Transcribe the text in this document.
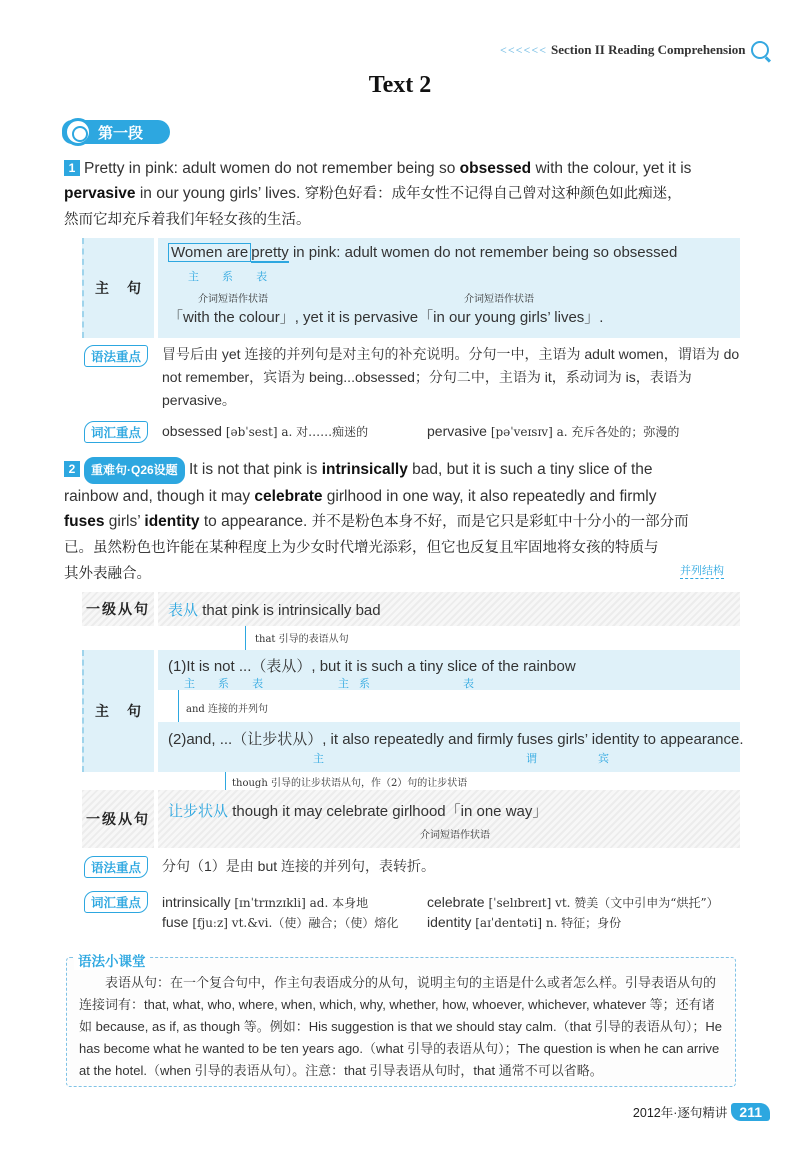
<<<<<< Section II Reading Comprehension
Text 2
第一段
1 Pretty in pink: adult women do not remember being so obsessed with the colour, yet it is
pervasive in our young girls’ lives. 穿粉色好看：成年女性不记得自己曾对这种颜色如此痴迷，
然而它却充斥着我们年轻女孩的生活。
主　句
Women are pretty in pink: adult women do not remember being so obsessed
主 系 表
介词短语作状语	介词短语作状语
「with the colour」, yet it is pervasive「in our young girls’ lives」.
语法重点	冒号后由 yet 连接的并列句是对主句的补充说明。分句一中，主语为 adult women，谓语为 do not remember，宾语为 being...obsessed；分句二中，主语为 it，系动词为 is，表语为 pervasive。
词汇重点	obsessed [əbˈsest] a. 对……痴迷的	pervasive [pəˈveɪsɪv] a. 充斥各处的；弥漫的
2 重难句·Q26设题 It is not that pink is intrinsically bad, but it is such a tiny slice of the
rainbow and, though it may celebrate girlhood in one way, it also repeatedly and firmly
fuses girls’ identity to appearance. 并不是粉色本身不好，而是它只是彩虹中十分小的一部分而
已。虽然粉色也许能在某种程度上为少女时代增光添彩，但它也反复且牢固地将女孩的特质与
其外表融合。	并列结构
一级从句 表从 that pink is intrinsically bad
that 引导的表语从句
主　句
(1)It is not ...（表从）, but it is such a tiny slice of the rainbow
主 系 表	主系	表
and 连接的并列句
(2)and, ...（让步状从）, it also repeatedly and firmly fuses girls’ identity to appearance.
主	谓	宾
though 引导的让步状语从句，作（2）句的让步状语
一级从句 让步状从 though it may celebrate girlhood「in one way」
介词短语作状语
语法重点	分句（1）是由 but 连接的并列句，表转折。
词汇重点	intrinsically [ɪnˈtrɪnzɪkli] ad. 本身地	celebrate [ˈselɪbreɪt] vt. 赞美（文中引申为“烘托”）
fuse [fjuːz] vt.&vi.（使）融合；（使）熔化 identity [aɪˈdentəti] n. 特征；身份
表语从句：在一个复合句中，作主句表语成分的从句，说明主句的主语是什么或者怎么样。引导表语从句的连接词有：that, what, who, where, when, which, why, whether, how, whoever, whichever, whatever 等；还有诸如 because, as if, as though 等。例如：His suggestion is that we should stay calm.（that 引导的表语从句）；He has become what he wanted to be ten years ago.（what 引导的表语从句）；The question is when he can arrive at the hotel.（when 引导的表语从句）。注意：that 引导表语从句时，that 通常不可以省略。
语法小课堂
2012年·逐句精讲 211
